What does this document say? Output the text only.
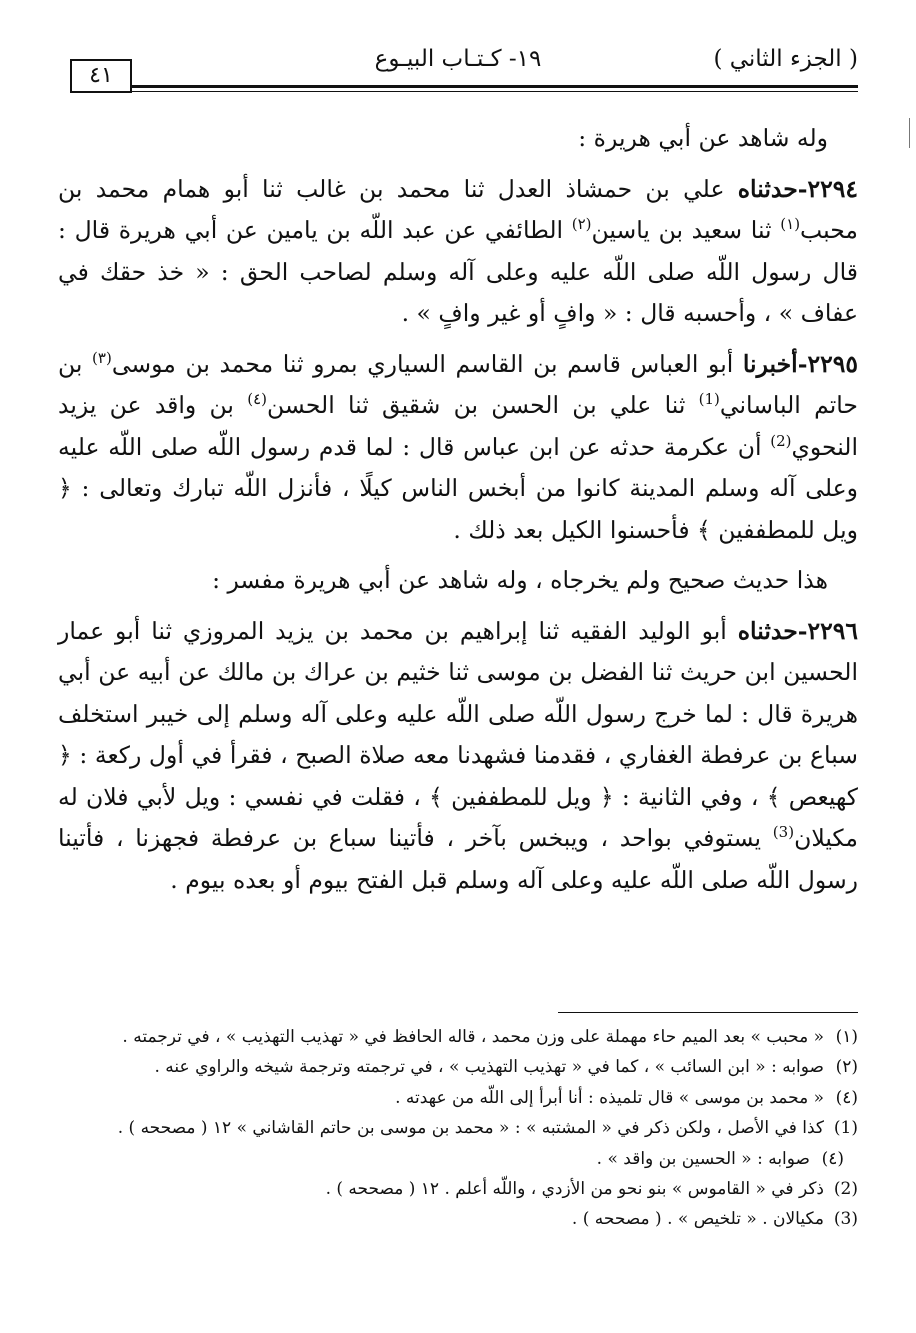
( الجزء الثاني )
١٩- كـتـاب البيـوع
٤١

وله شاهد عن أبي هريرة :

٢٢٩٤-حدثناه علي بن حمشاذ العدل ثنا محمد بن غالب ثنا أبو همام محمد بن محبب$^{(١)}$ ثنا سعيد بن ياسين$^{(٢)}$ الطائفي عن عبد اللّه بن يامين عن أبي هريرة قال : قال رسول اللّه صلى اللّه عليه وعلى آله وسلم لصاحب الحق : « خذ حقك في عفاف » ، وأحسبه قال : « وافٍ أو غير وافٍ » .

٢٢٩٥-أخبرنا أبو العباس قاسم بن القاسم السياري بمرو ثنا محمد بن موسى$^{(٣)}$ بن حاتم الباساني$^{(1)}$ ثنا علي بن الحسن بن شقيق ثنا الحسن$^{(٤)}$ بن واقد عن يزيد النحوي$^{(2)}$ أن عكرمة حدثه عن ابن عباس قال : لما قدم رسول اللّه صلى اللّه عليه وعلى آله وسلم المدينة كانوا من أبخس الناس كيلًا ، فأنزل اللّه تبارك وتعالى : ﴿ ويل للمطففين ﴾ فأحسنوا الكيل بعد ذلك .

هذا حديث صحيح ولم يخرجاه ، وله شاهد عن أبي هريرة مفسر :

٢٢٩٦-حدثناه أبو الوليد الفقيه ثنا إبراهيم بن محمد بن يزيد المروزي ثنا أبو عمار الحسين ابن حريث ثنا الفضل بن موسى ثنا خثيم بن عراك بن مالك عن أبيه عن أبي هريرة قال : لما خرج رسول اللّه صلى اللّه عليه وعلى آله وسلم إلى خيبر استخلف سباع بن عرفطة الغفاري ، فقدمنا فشهدنا معه صلاة الصبح ، فقرأ في أول ركعة : ﴿ كهيعص ﴾ ، وفي الثانية : ﴿ ويل للمطففين ﴾ ، فقلت في نفسي : ويل لأبي فلان له مكيلان$^{(3)}$ يستوفي بواحد ، ويبخس بآخر ، فأتينا سباع بن عرفطة فجهزنا ، فأتينا رسول اللّه صلى اللّه عليه وعلى آله وسلم قبل الفتح بيوم أو بعده بيوم .

(١)« محبب » بعد الميم حاء مهملة على وزن محمد ، قاله الحافظ في « تهذيب التهذيب » ، في ترجمته .
(٢)صوابه : « ابن السائب » ، كما في « تهذيب التهذيب » ، في ترجمته وترجمة شيخه والراوي عنه .
(٤)« محمد بن موسى » قال تلميذه : أنا أبرأ إلى اللّه من عهدته .
(1)كذا في الأصل ، ولكن ذكر في « المشتبه » : « محمد بن موسى بن حاتم القاشاني » ١٢ ( مصححه ) .
(٤)صوابه : « الحسين بن واقد » .
(2)ذكر في « القاموس » بنو نحو من الأزدي ، واللّه أعلم . ١٢ ( مصححه ) .
(3)مكيالان . « تلخيص » . ( مصححه ) .
